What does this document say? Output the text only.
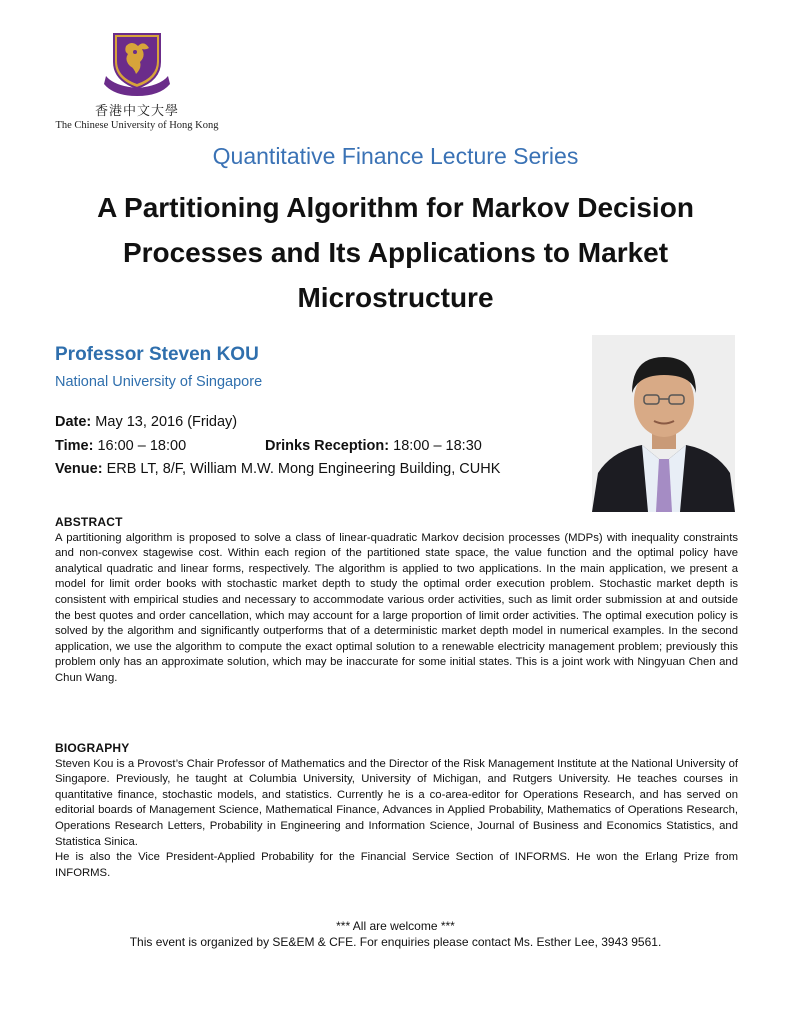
香港中文大學
The Chinese University of Hong Kong
Quantitative Finance Lecture Series
A Partitioning Algorithm for Markov Decision Processes and Its Applications to Market Microstructure
Professor Steven KOU
National University of Singapore
Date: May 13, 2016 (Friday)
Time: 16:00 – 18:00	Drinks Reception: 18:00 – 18:30
Venue: ERB LT, 8/F, William M.W. Mong Engineering Building, CUHK
ABSTRACT

A partitioning algorithm is proposed to solve a class of linear-quadratic Markov decision processes (MDPs) with inequality constraints and non-convex stagewise cost. Within each region of the partitioned state space, the value function and the optimal policy have analytical quadratic and linear forms, respectively. The algorithm is applied to two applications. In the main application, we present a model for limit order books with stochastic market depth to study the optimal order execution problem. Stochastic market depth is consistent with empirical studies and necessary to accommodate various order activities, such as limit order submission at and outside the best quotes and order cancellation, which may account for a large proportion of limit order activities. The optimal execution policy is solved by the algorithm and significantly outperforms that of a deterministic market depth model in numerical examples. In the second application, we use the algorithm to compute the exact optimal solution to a renewable electricity management problem; previously this problem only has an approximate solution, which may be inaccurate for some initial states. This is a joint work with Ningyuan Chen and Chun Wang.

BIOGRAPHY

Steven Kou is a Provost’s Chair Professor of Mathematics and the Director of the Risk Management Institute at the National University of Singapore. Previously, he taught at Columbia University, University of Michigan, and Rutgers University. He teaches courses in quantitative finance, stochastic models, and statistics. Currently he is a co-area-editor for Operations Research, and has served on editorial boards of Management Science, Mathematical Finance, Advances in Applied Probability, Mathematics of Operations Research, Operations Research Letters, Probability in Engineering and Information Science, Journal of Business and Economics Statistics, and Statistica Sinica.

He is also the Vice President-Applied Probability for the Financial Service Section of INFORMS. He won the Erlang Prize from INFORMS.

*** All are welcome ***
This event is organized by SE&EM & CFE. For enquiries please contact Ms. Esther Lee, 3943 9561.
